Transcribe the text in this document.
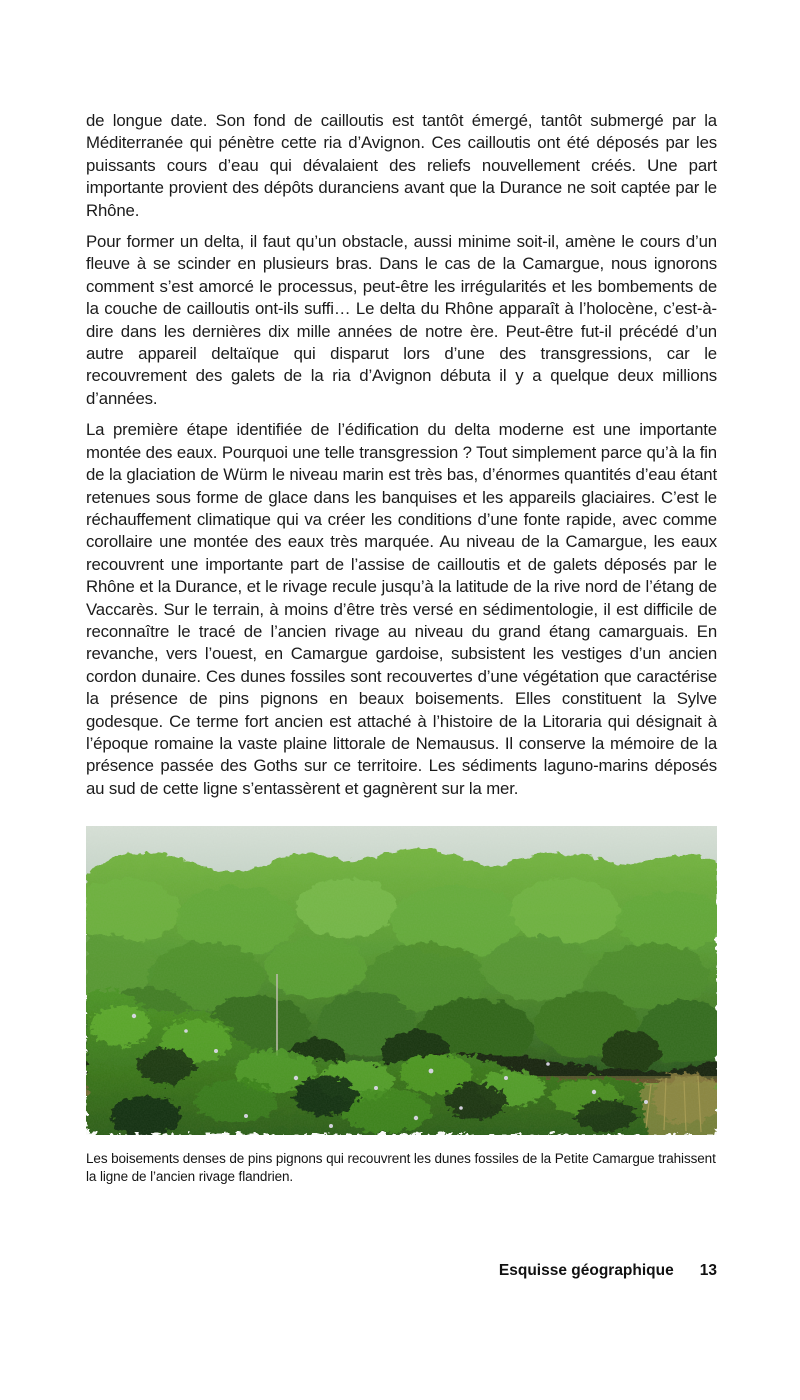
de longue date. Son fond de cailloutis est tantôt émergé, tantôt submergé par la Méditerranée qui pénètre cette ria d’Avignon. Ces cailloutis ont été déposés par les puissants cours d’eau qui dévalaient des reliefs nouvellement créés. Une part importante provient des dépôts duranciens avant que la Durance ne soit captée par le Rhône.

Pour former un delta, il faut qu’un obstacle, aussi minime soit-il, amène le cours d’un fleuve à se scinder en plusieurs bras. Dans le cas de la Camargue, nous ignorons comment s’est amorcé le processus, peut-être les irrégularités et les bombements de la couche de cailloutis ont-ils suffi… Le delta du Rhône apparaît à l’holocène, c’est-à-dire dans les dernières dix mille années de notre ère. Peut-être fut-il précédé d’un autre appareil deltaïque qui disparut lors d’une des transgressions, car le recouvrement des galets de la ria d’Avignon débuta il y a quelque deux millions d’années.

La première étape identifiée de l’édification du delta moderne est une importante montée des eaux. Pourquoi une telle transgression ? Tout simplement parce qu’à la fin de la glaciation de Würm le niveau marin est très bas, d’énormes quantités d’eau étant retenues sous forme de glace dans les banquises et les appareils glaciaires. C’est le réchauffement climatique qui va créer les conditions d’une fonte rapide, avec comme corollaire une montée des eaux très marquée. Au niveau de la Camargue, les eaux recouvrent une importante part de l’assise de cailloutis et de galets déposés par le Rhône et la Durance, et le rivage recule jusqu’à la latitude de la rive nord de l’étang de Vaccarès. Sur le terrain, à moins d’être très versé en sédimentologie, il est difficile de reconnaître le tracé de l’ancien rivage au niveau du grand étang camarguais. En revanche, vers l’ouest, en Camargue gardoise, subsistent les vestiges d’un ancien cordon dunaire. Ces dunes fossiles sont recouvertes d’une végétation que caractérise la présence de pins pignons en beaux boisements. Elles constituent la Sylve godesque. Ce terme fort ancien est attaché à l’histoire de la Litoraria qui désignait à l’époque romaine la vaste plaine littorale de Nemausus. Il conserve la mémoire de la présence passée des Goths sur ce territoire. Les sédiments laguno-marins déposés au sud de cette ligne s’entassèrent et gagnèrent sur la mer.

Les boisements denses de pins pignons qui recouvrent les dunes fossiles de la Petite Camargue trahissent la ligne de l’ancien rivage flandrien.
Esquisse géographique 13
